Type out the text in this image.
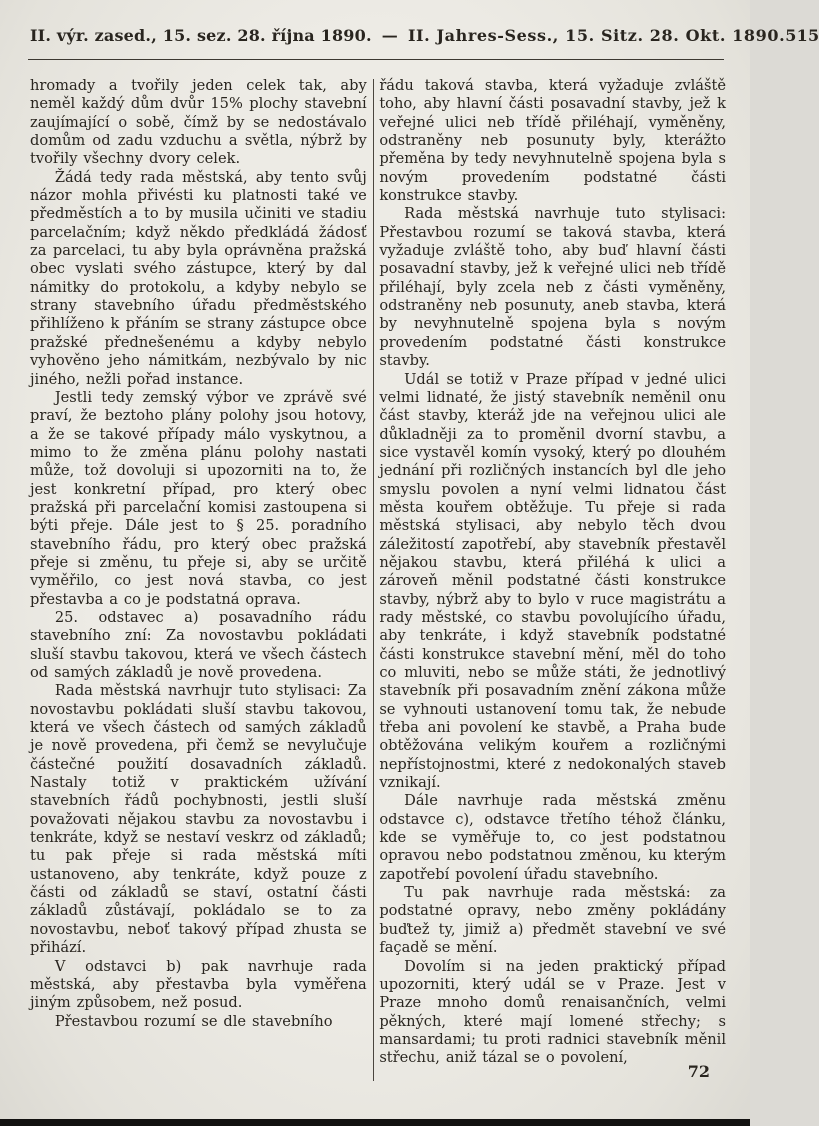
II. výr. zased., 15. sez. 28. října 1890. — II. Jahres-Sess., 15. Sitz. 28. Okt. 1890. 515

hromady a tvořily jeden celek tak, aby neměl každý dům dvůr 15% plochy stavební zaujímající o sobě, čímž by se nedostávalo domům od zadu vzduchu a světla, nýbrž by tvořily všechny dvory celek.

Žádá tedy rada městská, aby tento svůj názor mohla přivésti ku platnosti také ve předměstích a to by musila učiniti ve stadiu parcelačním; když někdo předkládá žádosť za parcelaci, tu aby byla oprávněna pražská obec vyslati svého zástupce, který by dal námitky do protokolu, a kdyby nebylo se strany stavebního úřadu předměstského přihlíženo k přáním se strany zástupce obce pražské přednešenému a kdyby nebylo vyhověno jeho námitkám, nezbývalo by nic jiného, nežli pořad instance.

Jestli tedy zemský výbor ve zprávě své praví, že beztoho plány polohy jsou hotovy, a že se takové případy málo vyskytnou, a mimo to že změna plánu polohy nastati může, tož dovoluji si upozorniti na to, že jest konkretní případ, pro který obec pražská při parcelační komisi zastoupena si býti přeje. Dále jest to § 25. poradního stavebního řádu, pro který obec pražská přeje si změnu, tu přeje si, aby se určitě vyměřilo, co jest nová stavba, co jest přestavba a co je podstatná oprava.

25. odstavec a) posavadního rádu stavebního zní: Za novostavbu pokládati sluší stavbu takovou, která ve všech částech od samých základů je nově provedena.

Rada městská navrhujr tuto stylisaci: Za novostavbu pokládati sluší stavbu takovou, která ve všech částech od samých základů je nově provedena, při čemž se nevylučuje částečné použití dosavadních základů. Nastaly totiž v praktickém užívání stavebních řádů pochybnosti, jestli sluší považovati nějakou stavbu za novostavbu i tenkráte, když se nestaví veskrz od základů; tu pak přeje si rada městská míti ustanoveno, aby tenkráte, když pouze z části od základů se staví, ostatní části základů zůstávají, pokládalo se to za novostavbu, neboť takový případ zhusta se přihází.

V odstavci b) pak navrhuje rada městská, aby přestavba byla vyměřena jiným způsobem, než posud.

Přestavbou rozumí se dle stavebního

řádu taková stavba, která vyžaduje zvláště toho, aby hlavní části posavadní stavby, jež k veřejné ulici neb třídě přiléhají, vyměněny, odstraněny neb posunuty byly, kterážto přeměna by tedy nevyhnutelně spojena byla s novým provedením podstatné části konstrukce stavby.

Rada městská navrhuje tuto stylisaci: Přestavbou rozumí se taková stavba, která vyžaduje zvláště toho, aby buď hlavní části posavadní stavby, jež k veřejné ulici neb třídě přiléhají, byly zcela neb z části vyměněny, odstraněny neb posunuty, aneb stavba, která by nevyhnutelně spojena byla s novým provedením podstatné části konstrukce stavby.

Udál se totiž v Praze případ v jedné ulici velmi lidnaté, že jistý stavebník neměnil onu část stavby, kteráž jde na veřejnou ulici ale důkladněji za to proměnil dvorní stavbu, a sice vystavěl komín vysoký, který po dlouhém jednání při rozličných instancích byl dle jeho smyslu povolen a nyní velmi lidnatou část města kouřem obtěžuje. Tu přeje si rada městská stylisaci, aby nebylo těch dvou záležitostí zapotřebí, aby stavebník přestavěl nějakou stavbu, která přiléhá k ulici a zároveň měnil podstatné části konstrukce stavby, nýbrž aby to bylo v ruce magistrátu a rady městské, co stavbu povolujícího úřadu, aby tenkráte, i když stavebník podstatné části konstrukce stavební mění, měl do toho co mluviti, nebo se může státi, že jednotlivý stavebník při posavadním znění zákona může se vyhnouti ustanovení tomu tak, že nebude třeba ani povolení ke stavbě, a Praha bude obtěžována velikým kouřem a rozličnými nepřístojnostmi, které z nedokonalých staveb vznikají.

Dále navrhuje rada městská změnu odstavce c), odstavce třetího téhož článku, kde se vyměřuje to, co jest podstatnou opravou nebo podstatnou změnou, ku kterým zapotřebí povolení úřadu stavebního.

Tu pak navrhuje rada městská: za podstatné opravy, nebo změny pokládány buďtež ty, jimiž a) předmět stavební ve své façadě se mění.

Dovolím si na jeden praktický případ upozorniti, který udál se v Praze. Jest v Praze mnoho domů renaisančních, velmi pěkných, které mají lomené střechy; s mansardami; tu proti radnici stavebník měnil střechu, aniž tázal se o povolení,

72
